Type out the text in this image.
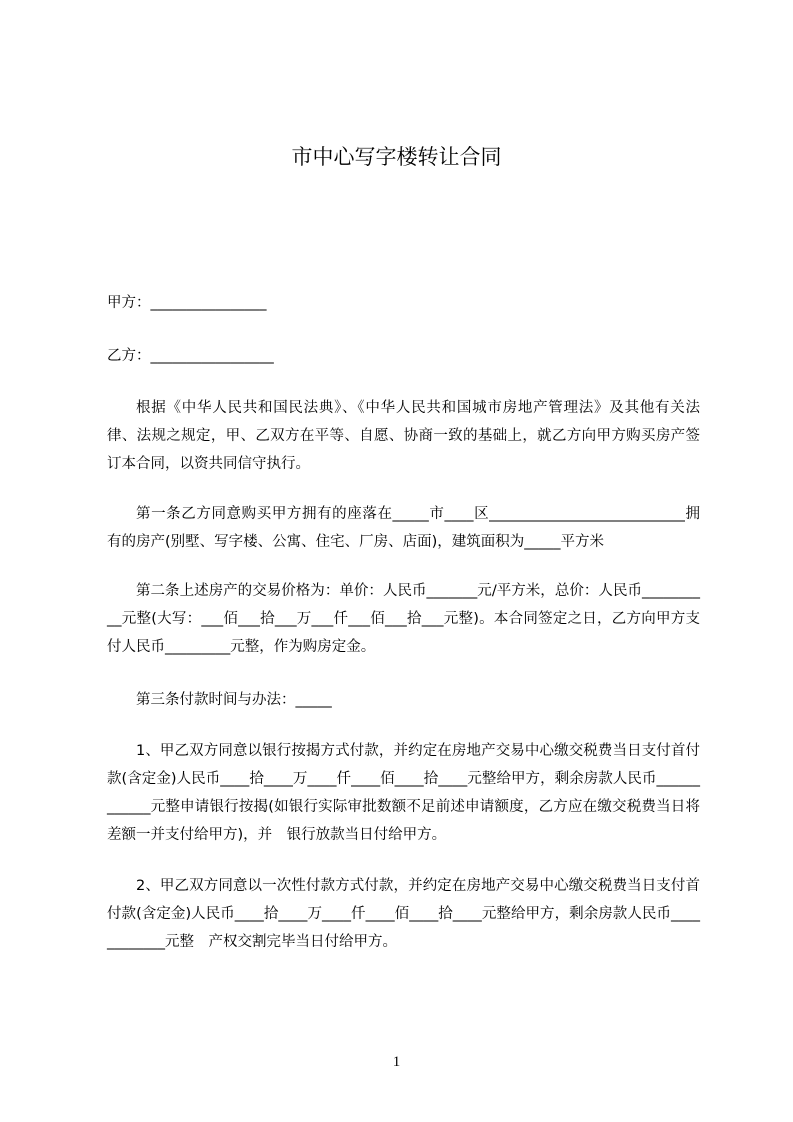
市中心写字楼转让合同

甲方：________________

乙方：_________________

根据《中华人民共和国民法典》、《中华人民共和国城市房地产管理法》及其他有关法律、法规之规定，甲、乙双方在平等、自愿、协商一致的基础上，就乙方向甲方购买房产签订本合同，以资共同信守执行。

第一条乙方同意购买甲方拥有的座落在_____市____区___________________________拥有的房产(别墅、写字楼、公寓、住宅、厂房、店面)，建筑面积为_____平方米

第二条上述房产的交易价格为：单价：人民币_______元/平方米，总价：人民币__________元整(大写：___佰___拾___万___仟___佰___拾___元整)。本合同签定之日，乙方向甲方支付人民币_________元整，作为购房定金。

第三条付款时间与办法：_____

1、甲乙双方同意以银行按揭方式付款，并约定在房地产交易中心缴交税费当日支付首付款(含定金)人民币____拾____万____仟____佰____拾____元整给甲方，剩余房款人民币____________元整申请银行按揭(如银行实际审批数额不足前述申请额度，乙方应在缴交税费当日将差额一并支付给甲方)，并　银行放款当日付给甲方。

2、甲乙双方同意以一次性付款方式付款，并约定在房地产交易中心缴交税费当日支付首付款(含定金)人民币____拾____万____仟____佰____拾____元整给甲方，剩余房款人民币____________元整　产权交割完毕当日付给甲方。

1
